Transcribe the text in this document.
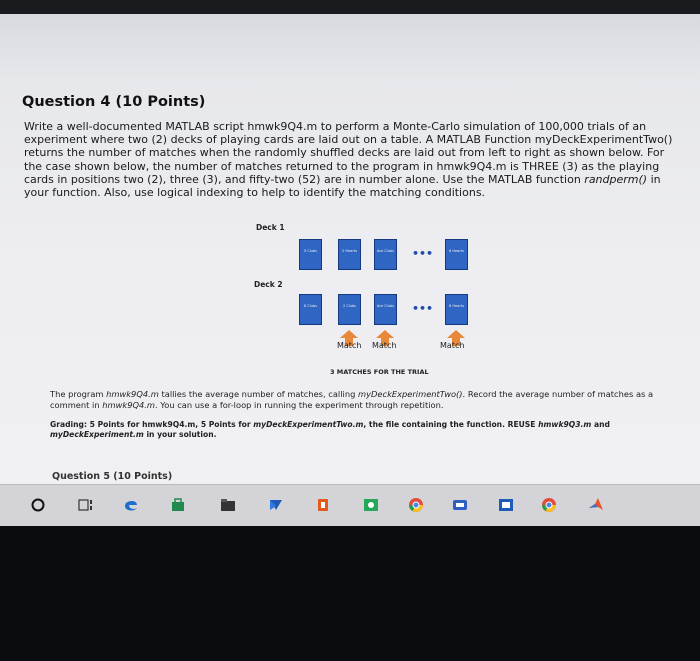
Question 4 (10 Points)
Write a well-documented MATLAB script hmwk9Q4.m to perform a Monte-Carlo simulation of 100,000 trials of an experiment where two (2) decks of playing cards are laid out on a table. A MATLAB Function myDeckExperimentTwo() returns the number of matches when the randomly shuffled decks are laid out from left to right as shown below. For the case shown below, the number of matches returned to the program in hmwk9Q4.m is THREE (3) as the playing cards in positions two (2), three (3), and fifty-two (52) are in number alone. Use the MATLAB function randperm() in your function. Also, use logical indexing to help to identify the matching conditions.
Deck 1
Deck 2
5 Clubs	2 Hearts	Ace Clubs •••	6 Hearts
8 Clubs	2 Clubs	Ace Clubs •••	6 Hearts
Match Match	Match
3 MATCHES FOR THE TRIAL
The program hmwk9Q4.m tallies the average number of matches, calling myDeckExperimentTwo(). Record the average number of matches as a comment in hmwk9Q4.m. You can use a for-loop in running the experiment through repetition.
Grading: 5 Points for hmwk9Q4.m, 5 Points for myDeckExperimentTwo.m, the file containing the function. REUSE hmwk9Q3.m and myDeckExperiment.m in your solution.
Question 5 (10 Points)
